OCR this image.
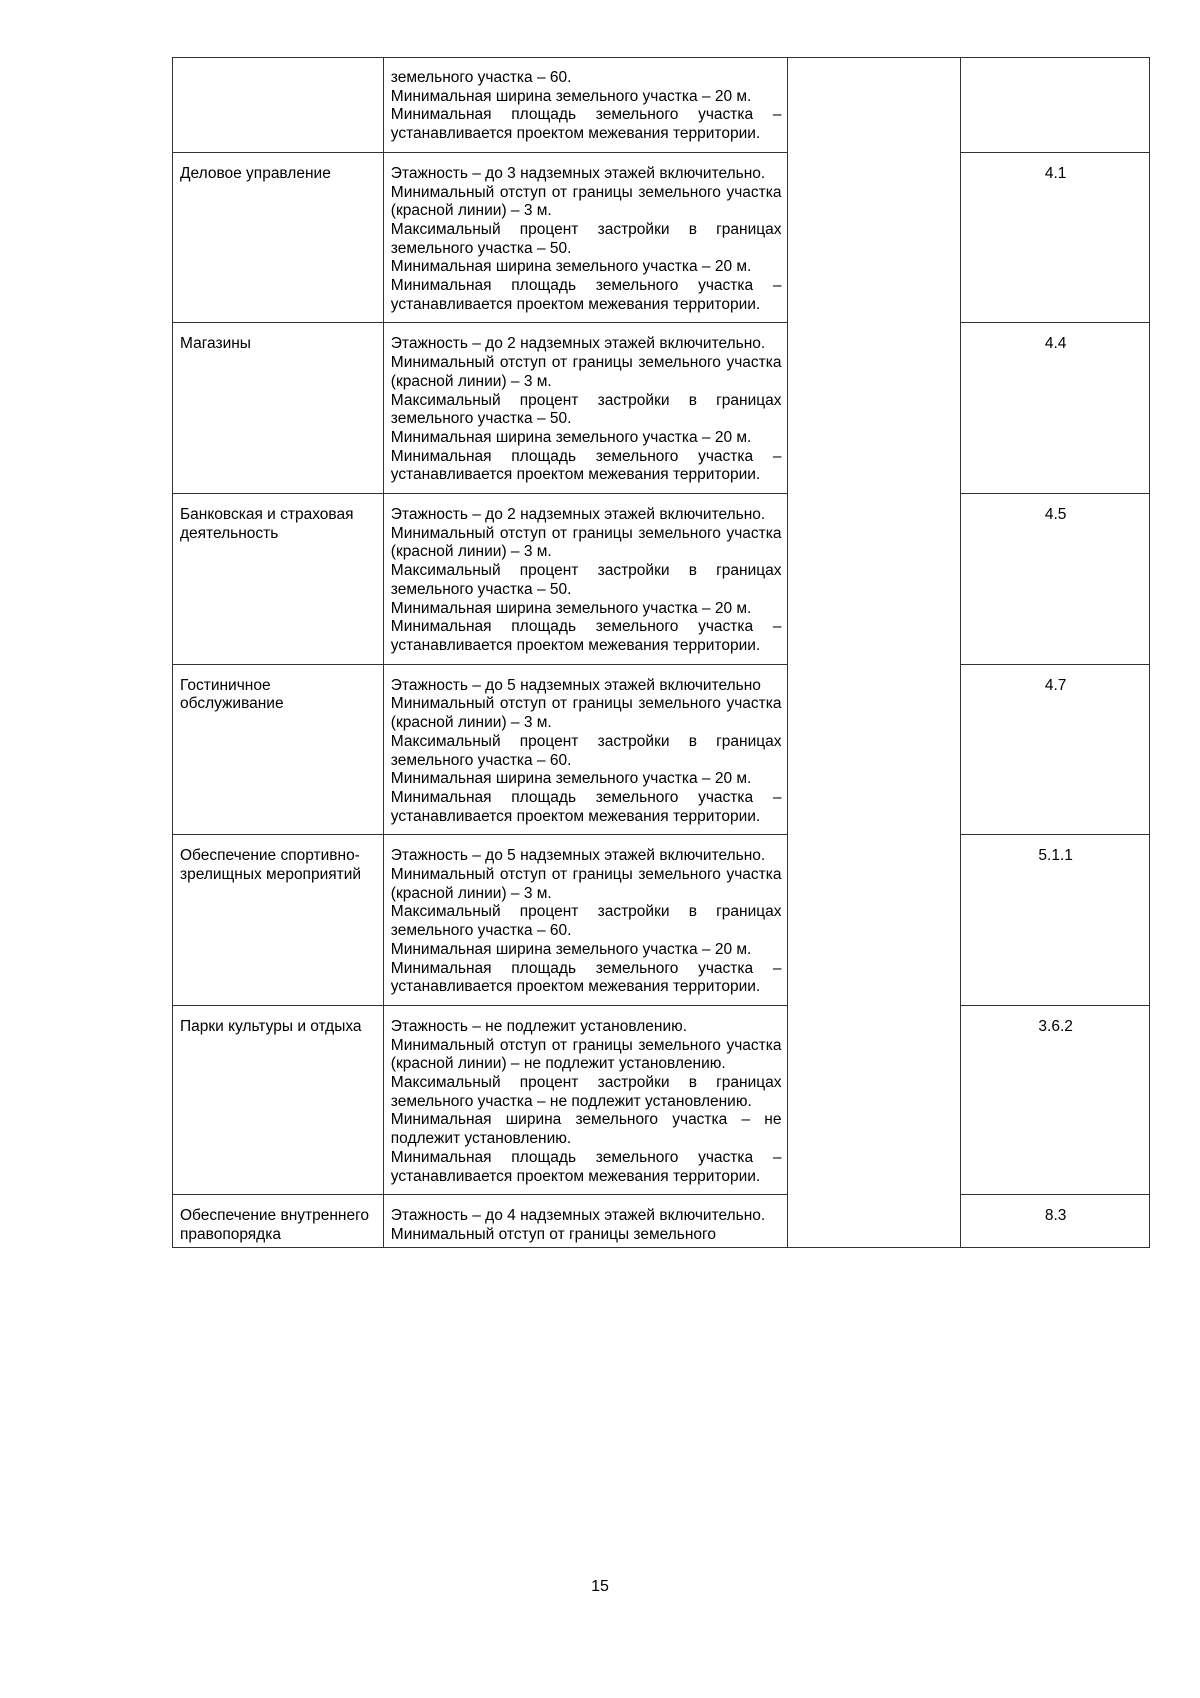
	земельного участка – 60.
Минимальная ширина земельного участка – 20 м.
Минимальная площадь земельного участка – устанавливается проектом межевания территории.		

Деловое управление	Этажность – до 3 надземных этажей включительно.
Минимальный отступ от границы земельного участка (красной линии) – 3 м.
Максимальный процент застройки в границах земельного участка – 50.
Минимальная ширина земельного участка – 20 м.
Минимальная площадь земельного участка – устанавливается проектом межевания территории.		4.1
Магазины	Этажность – до 2 надземных этажей включительно.
Минимальный отступ от границы земельного участка (красной линии) – 3 м.
Максимальный процент застройки в границах земельного участка – 50.
Минимальная ширина земельного участка – 20 м.
Минимальная площадь земельного участка – устанавливается проектом межевания территории.		4.4
Банковская и страховая деятельность	Этажность – до 2 надземных этажей включительно.
Минимальный отступ от границы земельного участка (красной линии) – 3 м.
Максимальный процент застройки в границах земельного участка – 50.
Минимальная ширина земельного участка – 20 м.
Минимальная площадь земельного участка – устанавливается проектом межевания территории.		4.5
Гостиничное обслуживание	Этажность – до 5 надземных этажей включительно
Минимальный отступ от границы земельного участка (красной линии) – 3 м.
Максимальный процент застройки в границах земельного участка – 60.
Минимальная ширина земельного участка – 20 м.
Минимальная площадь земельного участка – устанавливается проектом межевания территории.		4.7
Обеспечение спортивно-зрелищных мероприятий	Этажность – до 5 надземных этажей включительно.
Минимальный отступ от границы земельного участка (красной линии) – 3 м.
Максимальный процент застройки в границах земельного участка – 60.
Минимальная ширина земельного участка – 20 м.
Минимальная площадь земельного участка – устанавливается проектом межевания территории.		5.1.1
Парки культуры и отдыха	Этажность – не подлежит установлению.
Минимальный отступ от границы земельного участка (красной линии) – не подлежит установлению.
Максимальный процент застройки в границах земельного участка – не подлежит установлению.
Минимальная ширина земельного участка – не подлежит установлению.
Минимальная площадь земельного участка – устанавливается проектом межевания территории.		3.6.2
Обеспечение внутреннего правопорядка	Этажность – до 4 надземных этажей включительно.
Минимальный отступ от границы земельного		8.3
15
